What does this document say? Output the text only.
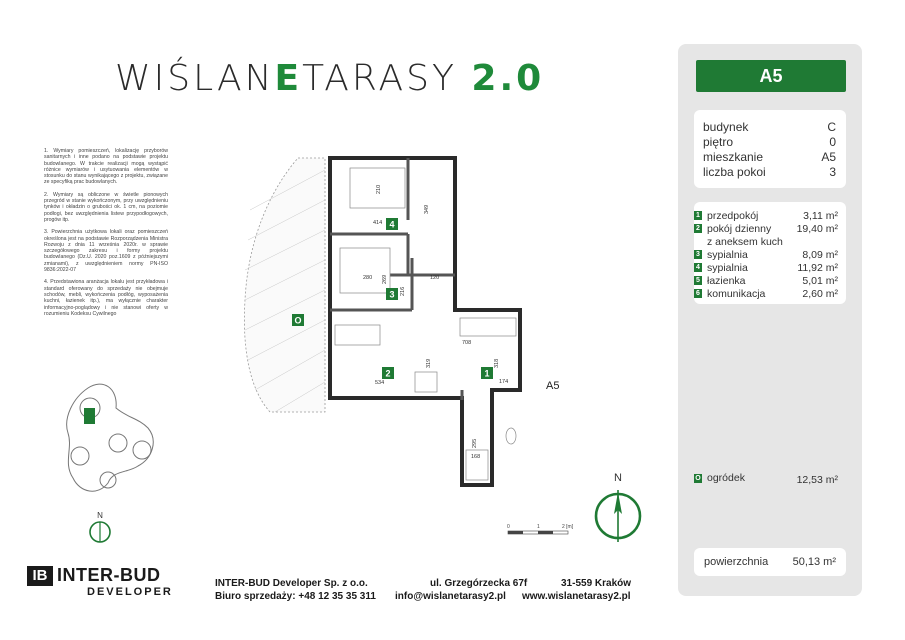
WIŚLANETARASY 2.0

1. Wymiary pomieszczeń, lokalizację przyborów sanitarnych i inne podano na podstawie projektu budowlanego. W trakcie realizacji mogą wystąpić różnice wymiarów i usytuowania elementów w stosunku do stanu wynikającego z projektu, związane ze specyfiką prac budowlanych.

2. Wymiary są obliczone w świetle pionowych przegród w stanie wykończonym, przy uwzględnieniu tynków i okładzin o grubości ok. 1 cm, na poziomie podłogi, bez uwzględnienia listew przypodłogowych, progów itp.

3. Powierzchnia użytkowa lokali oraz pomieszczeń określona jest na podstawie Rozporządzenia Ministra Rozwoju z dnia 11 września 2020r. w sprawie szczegółowego zakresu i formy projektu budowlanego (Dz.U. 2020 poz.1609 z późniejszymi zmianami), z uwzględnieniem normy PN-ISO 9836:2022-07

4. Przedstawiona aranżacja lokalu jest przykładowa i standard oferowany do sprzedaży nie obejmuje schodów, mebli, wykończenia podłóg, wyposażenia kuchni, łazienek itp.), ma wyłącznie charakter informacyjno-poglądowy i nie stanowi oferty w rozumieniu Kodeksu Cywilnego

210
414
349
280 269	120
216
708
319	318
534	174
295
168
4
3
2	1
O
A5
N
0	1	2 [m]
N
A5
budynek	C
piętro	0
mieszkanie	A5
liczba pokoi	3
1 przedpokój	3,11 m²
2 pokój dzienny 19,40 m²
z aneksem kuch
3 sypialnia	8,09 m²
4 sypialnia	11,92 m²
5 łazienka	5,01 m²
6 komunikacja	2,60 m²
O ogródek	12,53 m²
powierzchnia 50,13 m²
IB INTER-BUD
DEVELOPER
INTER-BUD Developer Sp. z o.o.	ul. Grzegórzecka 67f	31-559 Kraków
Biuro sprzedaży: +48 12 35 35 311 info@wislanetarasy2.pl www.wislanetarasy2.pl
